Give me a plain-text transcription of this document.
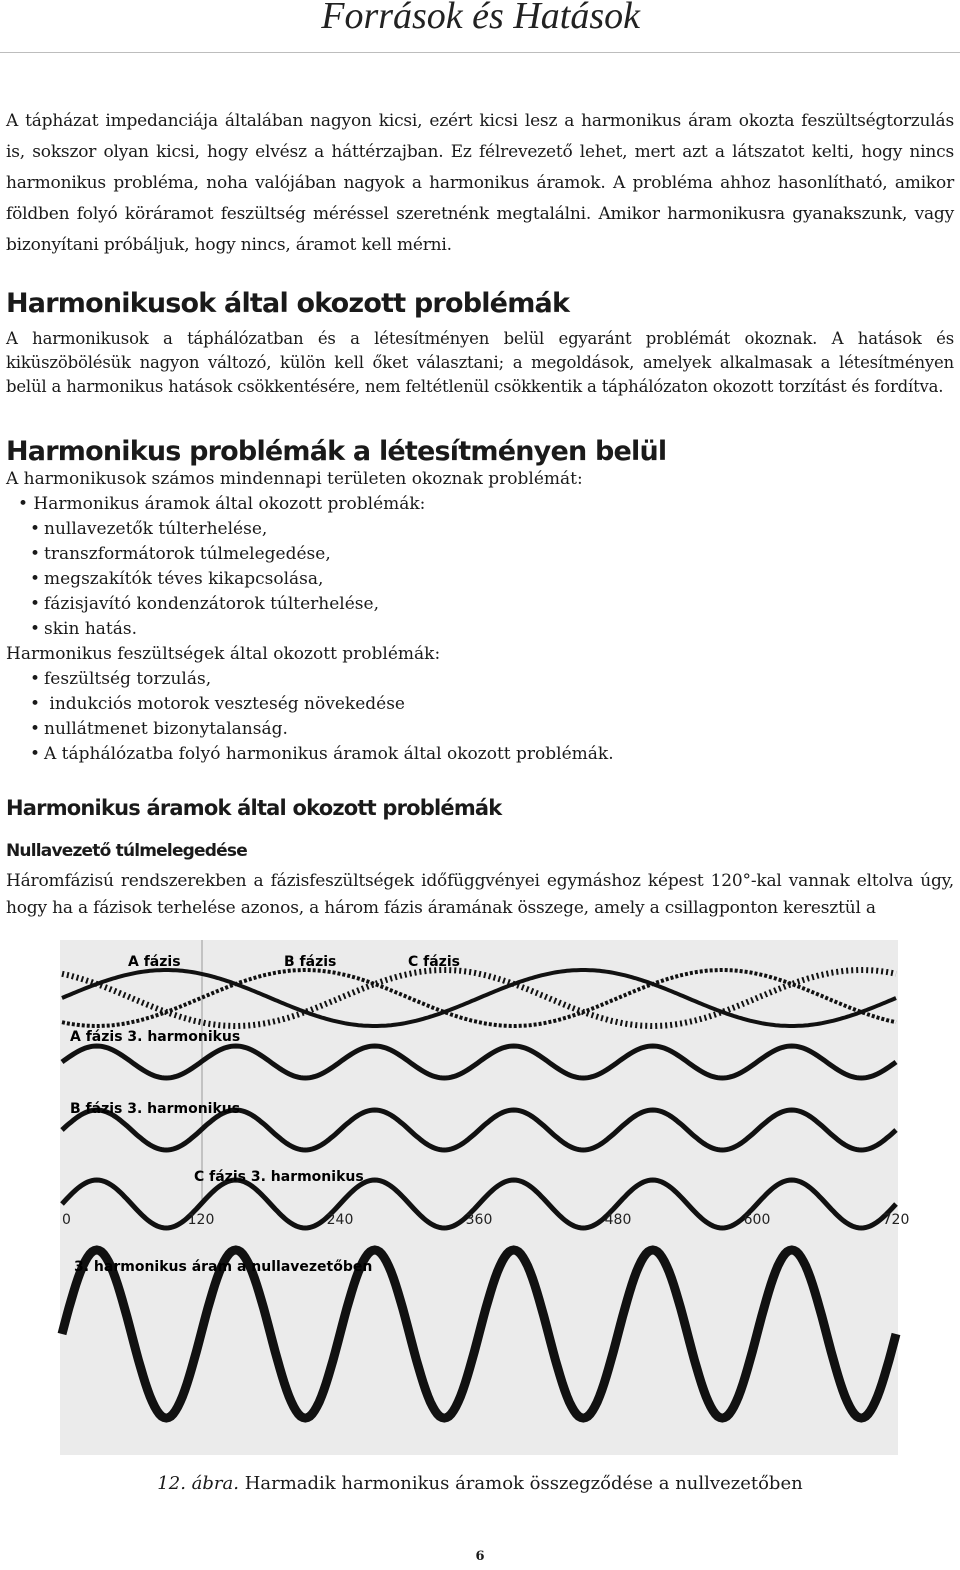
Források és Hatások

A tápházat impedanciája általában nagyon kicsi, ezért kicsi lesz a harmonikus áram okozta feszültségtorzulás is, sokszor olyan kicsi, hogy elvész a háttérzajban. Ez félrevezető lehet, mert azt a látszatot kelti, hogy nincs harmonikus probléma, noha valójában nagyok a harmonikus áramok. A probléma ahhoz hasonlítható, amikor földben folyó köráramot feszültség méréssel szeretnénk megtalálni. Amikor harmonikusra gyanakszunk, vagy bizonyítani próbáljuk, hogy nincs, áramot kell mérni.

Harmonikusok által okozott problémák

A harmonikusok a táphálózatban és a létesítményen belül egyaránt problémát okoznak. A hatások és kiküszöbölésük nagyon változó, külön kell őket választani; a megoldások, amelyek alkalmasak a létesítményen belül a harmonikus hatások csökkentésére, nem feltétlenül csökkentik a táphálózaton okozott torzítást és fordítva.

Harmonikus problémák a létesítményen belül
A harmonikusok számos mindennapi területen okoznak problémát:
• Harmonikus áramok által okozott problémák:
• nullavezetők túlterhelése,
• transzformátorok túlmelegedése,
• megszakítók téves kikapcsolása,
• fázisjavító kondenzátorok túlterhelése,
• skin hatás.
Harmonikus feszültségek által okozott problémák:
• feszültség torzulás,
• indukciós motorok veszteség növekedése
• nullátmenet bizonytalanság.
• A táphálózatba folyó harmonikus áramok által okozott problémák.
Harmonikus áramok által okozott problémák
Nullavezető túlmelegedése

Háromfázisú rendszerekben a fázisfeszültségek időfüggvényei egymáshoz képest 120°-kal vannak eltolva úgy, hogy ha a fázisok terhelése azonos, a három fázis áramának összege, amely a csillagponton keresztül a

A fázis	B fázis	C fázis
A fázis 3. harmonikus
B fázis 3. harmonikus
C fázis 3. harmonikus
3. harmonikus áram a nullavezetőben
0	120	240	360	480	600	720
12. ábra. Harmadik harmonikus áramok összegződése a nullvezetőben
6
